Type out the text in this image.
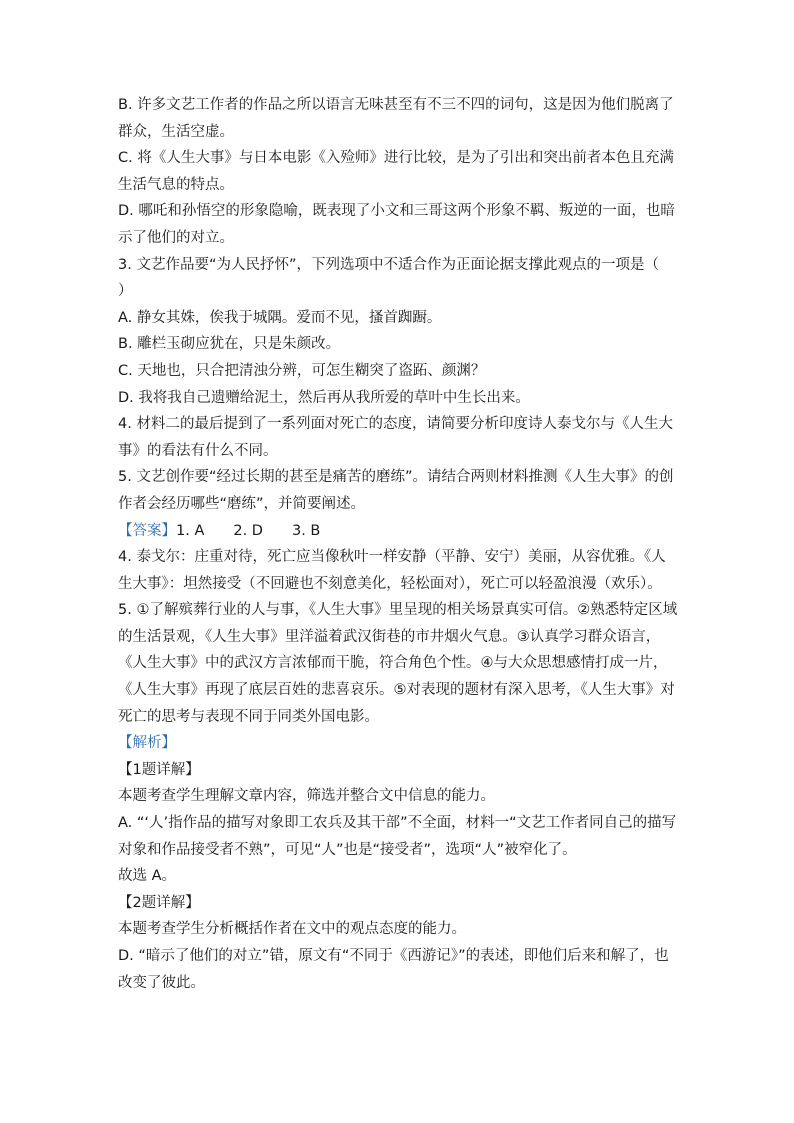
B. 许多文艺工作者的作品之所以语言无味甚至有不三不四的词句，这是因为他们脱离了群众，生活空虚。

C. 将《人生大事》与日本电影《入殓师》进行比较，是为了引出和突出前者本色且充满生活气息的特点。

D. 哪吒和孙悟空的形象隐喻，既表现了小文和三哥这两个形象不羁、叛逆的一面，也暗示了他们的对立。

3. 文艺作品要“为人民抒怀”，下列选项中不适合作为正面论据支撑此观点的一项是（　　）

A. 静女其姝，俟我于城隅。爱而不见，搔首踟蹰。

B. 雕栏玉砌应犹在，只是朱颜改。

C. 天地也，只合把清浊分辨，可怎生糊突了盗跖、颜渊？

D. 我将我自己遗赠给泥土，然后再从我所爱的草叶中生长出来。

4. 材料二的最后提到了一系列面对死亡的态度，请简要分析印度诗人泰戈尔与《人生大事》的看法有什么不同。

5. 文艺创作要“经过长期的甚至是痛苦的磨练”。请结合两则材料推测《人生大事》的创作者会经历哪些“磨练”，并简要阐述。

【答案】1. A　　2. D　　3. B

4. 泰戈尔：庄重对待，死亡应当像秋叶一样安静（平静、安宁）美丽，从容优雅。《人生大事》：坦然接受（不回避也不刻意美化，轻松面对），死亡可以轻盈浪漫（欢乐）。

5. ①了解殡葬行业的人与事，《人生大事》里呈现的相关场景真实可信。②熟悉特定区域的生活景观，《人生大事》里洋溢着武汉街巷的市井烟火气息。③认真学习群众语言，《人生大事》中的武汉方言浓郁而干脆，符合角色个性。④与大众思想感情打成一片，《人生大事》再现了底层百姓的悲喜哀乐。⑤对表现的题材有深入思考，《人生大事》对死亡的思考与表现不同于同类外国电影。

【解析】

【1题详解】

本题考查学生理解文章内容，筛选并整合文中信息的能力。

A. “‘人’指作品的描写对象即工农兵及其干部”不全面，材料一“文艺工作者同自己的描写对象和作品接受者不熟”，可见“人”也是“接受者”，选项“人”被窄化了。

故选 A。

【2题详解】

本题考查学生分析概括作者在文中的观点态度的能力。

D. “暗示了他们的对立”错，原文有“不同于《西游记》”的表述，即他们后来和解了，也改变了彼此。
